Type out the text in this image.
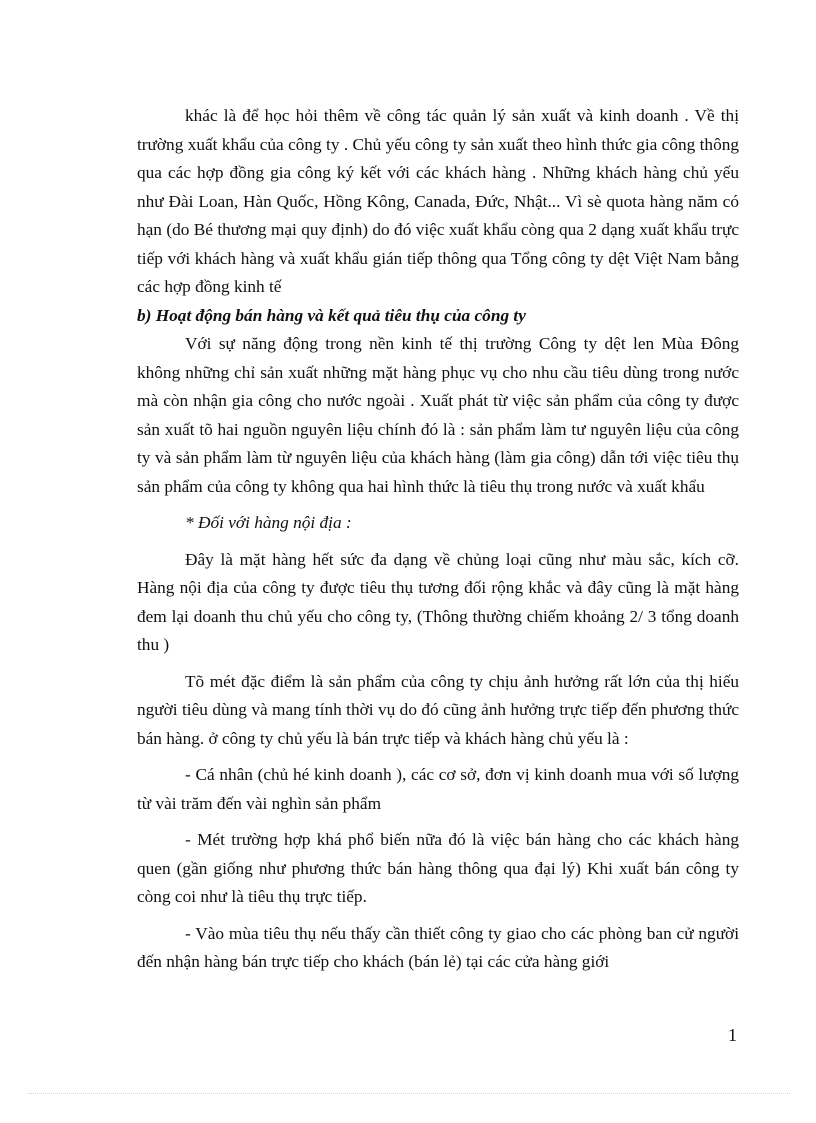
khác là để học hỏi thêm về công tác quản lý sản xuất và kinh doanh . Về thị trường xuất khẩu của công ty . Chủ yếu công ty sản xuất theo hình thức gia công thông qua các hợp đồng gia công ký kết với các khách hàng . Những khách hàng chủ yếu như Đài Loan, Hàn Quốc, Hồng Kông, Canada, Đức, Nhật... Vì sè quota hàng năm có hạn (do Bé thương mại quy định) do đó việc xuất khẩu còng qua 2 dạng xuất khẩu trực tiếp với khách hàng và xuất khẩu gián tiếp thông qua Tổng công ty dệt Việt Nam bằng các hợp đồng kinh tế

b) Hoạt động bán hàng và kết quả tiêu thụ của công ty

Với sự năng động trong nền kinh tế thị trường Công ty dệt len Mùa Đông không những chỉ sản xuất những mặt hàng phục vụ cho nhu cầu tiêu dùng trong nước mà còn nhận gia công cho nước ngoài . Xuất phát từ việc sản phẩm của công ty được sản xuất tõ hai nguồn nguyên liệu chính đó là : sản phẩm làm tư nguyên liệu của công ty và sản phẩm làm từ nguyên liệu của khách hàng (làm gia công) dẫn tới việc tiêu thụ sản phẩm của công ty không qua hai hình thức là tiêu thụ trong nước và xuất khẩu

* Đối với hàng nội địa :

Đây là mặt hàng hết sức đa dạng về chủng loại cũng như màu sắc, kích cỡ. Hàng nội địa của công ty được tiêu thụ tương đối rộng khắc và đây cũng là mặt hàng đem lại doanh thu chủ yếu cho công ty, (Thông thường chiếm khoảng 2/ 3 tổng doanh thu )

Tõ mét đặc điểm là sản phẩm của công ty chịu ảnh hưởng rất lớn của thị hiếu người tiêu dùng và mang tính thời vụ do đó cũng ảnh hưởng trực tiếp đến phương thức bán hàng. ở công ty chủ yếu là bán trực tiếp và khách hàng chủ yếu là :

- Cá nhân (chủ hé kinh doanh ), các cơ sở, đơn vị kinh doanh mua với số lượng từ vài trăm đến vài nghìn sản phẩm

- Mét trường hợp khá phổ biến nữa đó là việc bán hàng cho các khách hàng quen (gần giống như phương thức bán hàng thông qua đại lý) Khi xuất bán công ty còng coi như là tiêu thụ trực tiếp.

- Vào mùa tiêu thụ nếu thấy cần thiết công ty giao cho các phòng ban cử người đến nhận hàng bán trực tiếp cho khách (bán lẻ) tại các cửa hàng giới

1
